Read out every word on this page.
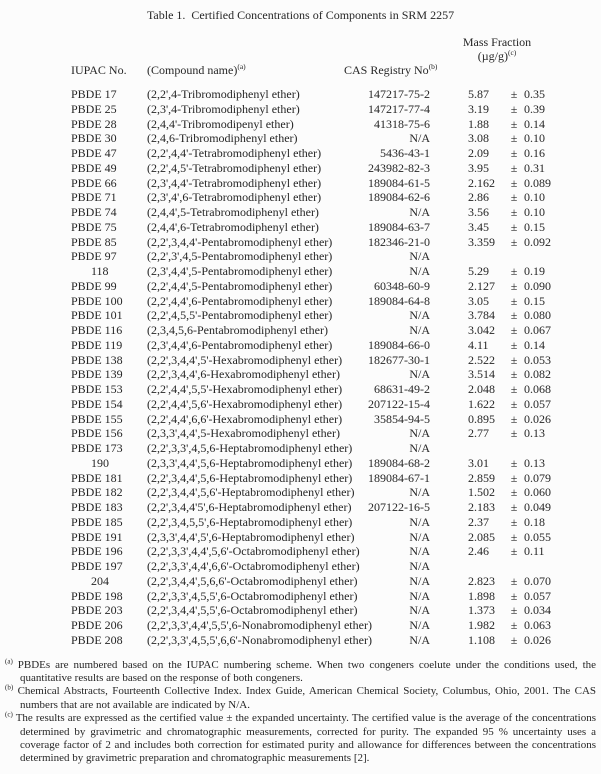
Table 1.  Certified Concentrations of Components in SRM 2257
IUPAC No. (Compound name)$^{(a)}$	CAS Registry No$^{(b)}$
Mass Fraction
$(\mu g/g)^{(c)}$
PBDE 17	(2,2',4-Tribromodiphenyl ether)	147217-75-2	5.87	± 0.35
PBDE 25	(2,3',4-Tribromodiphenyl ether)	147217-77-4	3.19	± 0.39
PBDE 28	(2,4,4'-Tribromodipenyl ether)	41318-75-6	1.88	± 0.14
PBDE 30	(2,4,6-Tribromodiphenyl ether)	N/A	3.08	± 0.10
PBDE 47	(2,2',4,4'-Tetrabromodiphenyl ether)	5436-43-1	2.09	± 0.16
PBDE 49	(2,2',4,5'-Tetrabromodiphenyl ether)	243982-82-3	3.95	± 0.31
PBDE 66	(2,3',4,4'-Tetrabromodiphenyl ether)	189084-61-5	2.162	± 0.089
PBDE 71	(2,3',4',6-Tetrabromodiphenyl ether)	189084-62-6	2.86	± 0.10
PBDE 74	(2,4,4',5-Tetrabromodiphenyl ether)	N/A	3.56	± 0.10
PBDE 75	(2,4,4',6-Tetrabromodiphenyl ether)	189084-63-7	3.45	± 0.15
PBDE 85	(2,2',3,4,4'-Pentabromodiphenyl ether)	182346-21-0	3.359	± 0.092
PBDE 97	(2,2',3',4,5-Pentabromodiphenyl ether)	N/A
118	(2,3',4,4',5-Pentabromodiphenyl ether)	N/A	5.29	± 0.19
PBDE 99	(2,2',4,4',5-Pentabromodiphenyl ether)	60348-60-9	2.127	± 0.090
PBDE 100	(2,2',4,4',6-Pentabromodiphenyl ether)	189084-64-8	3.05	± 0.15
PBDE 101	(2,2',4,5,5'-Pentabromodiphenyl ether)	N/A	3.784	± 0.080
PBDE 116	(2,3,4,5,6-Pentabromodiphenyl ether)	N/A	3.042	± 0.067
PBDE 119	(2,3',4,4',6-Pentabromodiphenyl ether)	189084-66-0	4.11	± 0.14
PBDE 138	(2,2',3,4,4',5'-Hexabromodiphenyl ether)	182677-30-1	2.522	± 0.053
PBDE 139	(2,2',3,4,4',6-Hexabromodiphenyl ether)	N/A	3.514	± 0.082
PBDE 153	(2,2',4,4',5,5'-Hexabromodiphenyl ether)	68631-49-2	2.048	± 0.068
PBDE 154	(2,2',4,4',5,6'-Hexabromodiphenyl ether)	207122-15-4	1.622	± 0.057
PBDE 155	(2,2',4,4',6,6'-Hexabromodiphenyl ether)	35854-94-5	0.895	± 0.026
PBDE 156	(2,3,3',4,4',5-Hexabromodiphenyl ether)	N/A	2.77	± 0.13
PBDE 173	(2,2',3,3',4,5,6-Heptabromodiphenyl ether)	N/A
190	(2,3,3',4,4',5,6-Heptabromodiphenyl ether)	189084-68-2	3.01	± 0.13
PBDE 181	(2,2',3,4,4',5,6-Heptabromodiphenyl ether)	189084-67-1	2.859	± 0.079
PBDE 182	(2,2',3,4,4',5,6'-Heptabromodiphenyl ether)	N/A	1.502	± 0.060
PBDE 183	(2,2',3,4,4'5',6-Heptabromodiphenyl ether)	207122-16-5	2.183	± 0.049
PBDE 185	(2,2',3,4,5,5',6-Heptabromodiphenyl ether)	N/A	2.37	± 0.18
PBDE 191	(2,3,3',4,4',5',6-Heptabromodiphenyl ether)	N/A	2.085	± 0.055
PBDE 196	(2,2',3,3',4,4',5,6'-Octabromodiphenyl ether)	N/A	2.46	± 0.11
PBDE 197	(2,2',3,3',4,4',6,6'-Octabromodiphenyl ether)	N/A
204	(2,2',3,4,4',5,6,6'-Octabromodiphenyl ether)	N/A	2.823	± 0.070
PBDE 198	(2,2',3,3',4,5,5',6-Octabromodiphenyl ether)	N/A	1.898	± 0.057
PBDE 203	(2,2',3,4,4',5,5',6-Octabromodiphenyl ether)	N/A	1.373	± 0.034
PBDE 206	(2,2',3,3',4,4',5,5',6-Nonabromodiphenyl ether)	N/A	1.982	± 0.063
PBDE 208	(2,2',3,3',4,5,5',6,6'-Nonabromodiphenyl ether)	N/A	1.108	± 0.026
$^{(a)}$ PBDEs are numbered based on the IUPAC numbering scheme. When two congeners coelute under the conditions used, the quantitative results are based on the response of both congeners.
$^{(b)}$ Chemical Abstracts, Fourteenth Collective Index. Index Guide, American Chemical Society, Columbus, Ohio, 2001. The CAS numbers that are not available are indicated by N/A.
$^{(c)}$ The results are expressed as the certified value ± the expanded uncertainty. The certified value is the average of the concentrations determined by gravimetric and chromatographic measurements, corrected for purity. The expanded 95 % uncertainty uses a coverage factor of 2 and includes both correction for estimated purity and allowance for differences between the concentrations determined by gravimetric preparation and chromatographic measurements [2].
